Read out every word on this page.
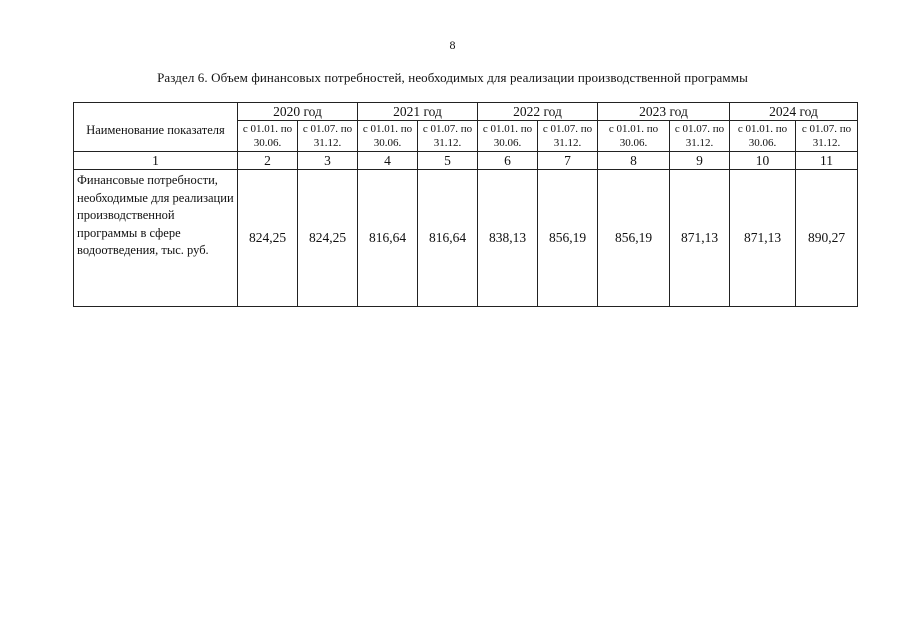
8
Раздел 6. Объем финансовых потребностей, необходимых для реализации производственной программы
Наименование показателя	2020 год		2021 год		2022 год		2023 год		2024 год	
	с 01.01. по 30.06.	с 01.07. по 31.12.	с 01.01. по 30.06.	с 01.07. по 31.12.	с 01.01. по 30.06.	с 01.07. по 31.12.	с 01.01. по 30.06.	с 01.07. по 31.12.	с 01.01. по 30.06.	с 01.07. по 31.12.
1	2	3	4	5	6	7	8	9	10	11
Финансовые потребности, необходимые для реализации производственной программы в сфере водоотведения, тыс. руб.	824,25	824,25	816,64	816,64	838,13	856,19	856,19	871,13	871,13	890,27
